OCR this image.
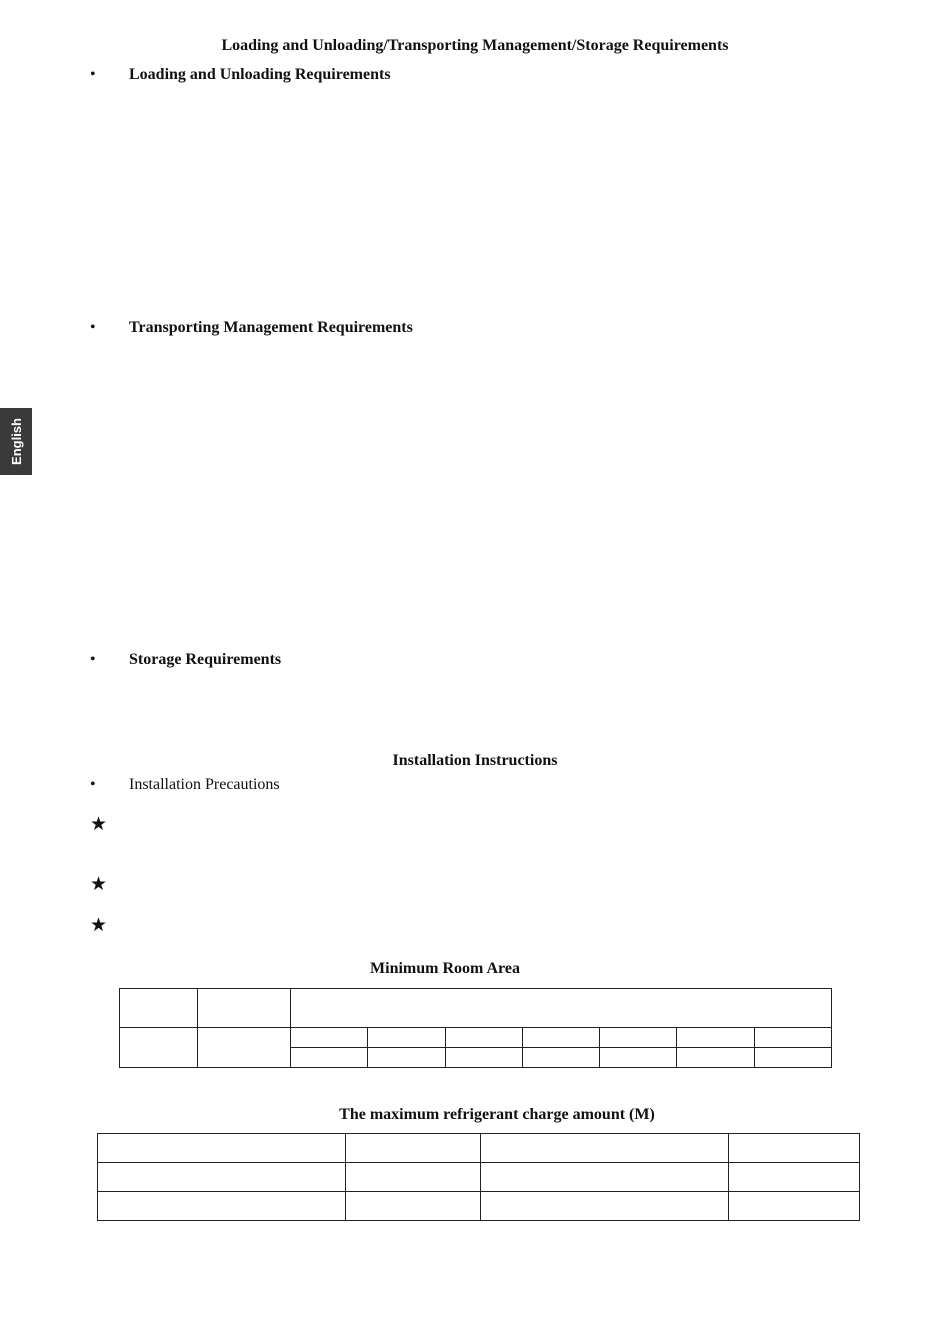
Loading and Unloading/Transporting Management/Storage Requirements
• Loading and Unloading Requirements
• Transporting Management Requirements
English
• Storage Requirements
Installation Instructions
• Installation Precautions
★
★
★
Minimum Room Area

The maximum refrigerant charge amount (M)
